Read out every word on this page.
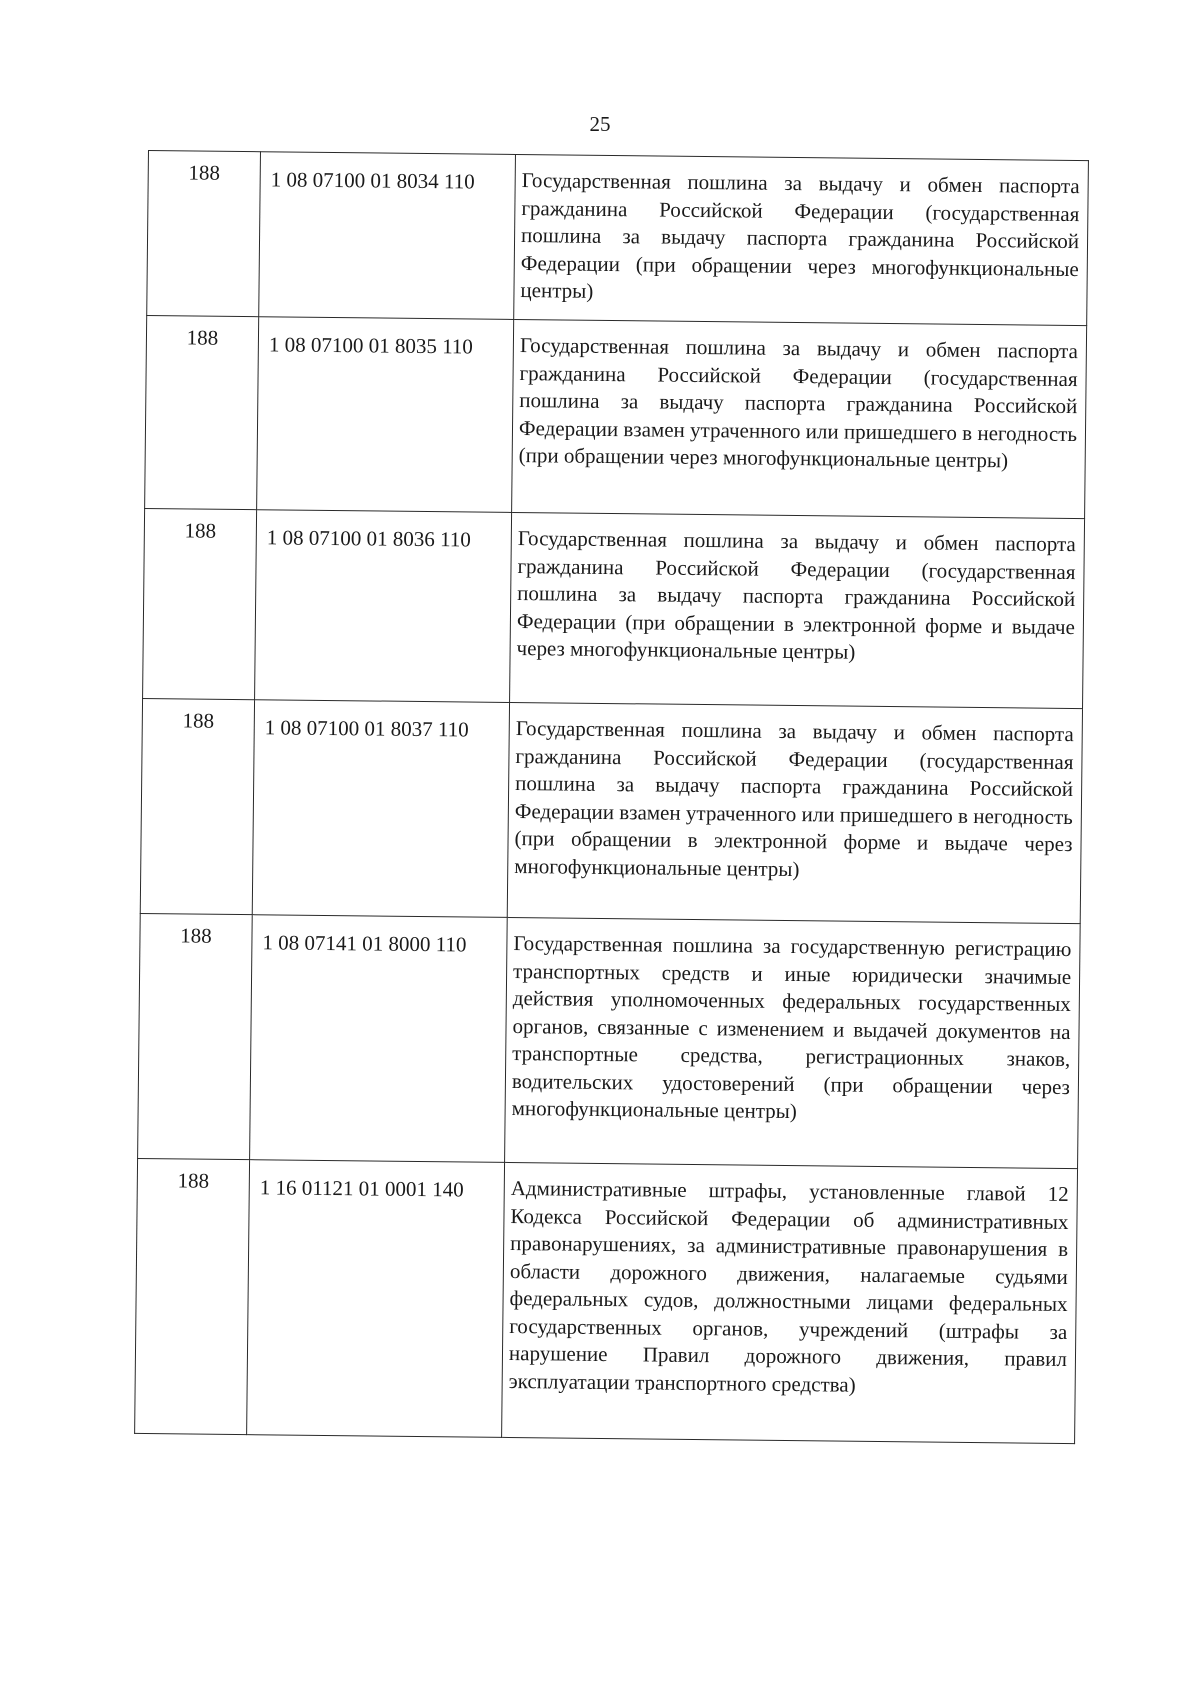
25
188	1 08 07100 01 8034 110	Государственная пошлина за выдачу и обмен паспорта гражданина Российской Федерации (государственная пошлина за выдачу паспорта гражданина Российской Федерации (при обращении через многофункциональные центры)
188	1 08 07100 01 8035 110	Государственная пошлина за выдачу и обмен паспорта гражданина Российской Федерации (государственная пошлина за выдачу паспорта гражданина Российской Федерации взамен утраченного или пришедшего в негодность (при обращении через многофункциональные центры)
188	1 08 07100 01 8036 110	Государственная пошлина за выдачу и обмен паспорта гражданина Российской Федерации (государственная пошлина за выдачу паспорта гражданина Российской Федерации (при обращении в электронной форме и выдаче через многофункциональные центры)
188	1 08 07100 01 8037 110	Государственная пошлина за выдачу и обмен паспорта гражданина Российской Федерации (государственная пошлина за выдачу паспорта гражданина Российской Федерации взамен утраченного или пришедшего в негодность (при обращении в электронной форме и выдаче через многофункциональные центры)
188	1 08 07141 01 8000 110	Государственная пошлина за государственную регистрацию транспортных средств и иные юридически значимые действия уполномоченных федеральных государственных органов, связанные с изменением и выдачей документов на транспортные средства, регистрационных знаков, водительских удостоверений (при обращении через многофункциональные центры)
188	1 16 01121 01 0001 140	Административные штрафы, установленные главой 12 Кодекса Российской Федерации об административных правонарушениях, за административные правонарушения в области дорожного движения, налагаемые судьями федеральных судов, должностными лицами федеральных государственных органов, учреждений (штрафы за нарушение Правил дорожного движения, правил эксплуатации транспортного средства)
